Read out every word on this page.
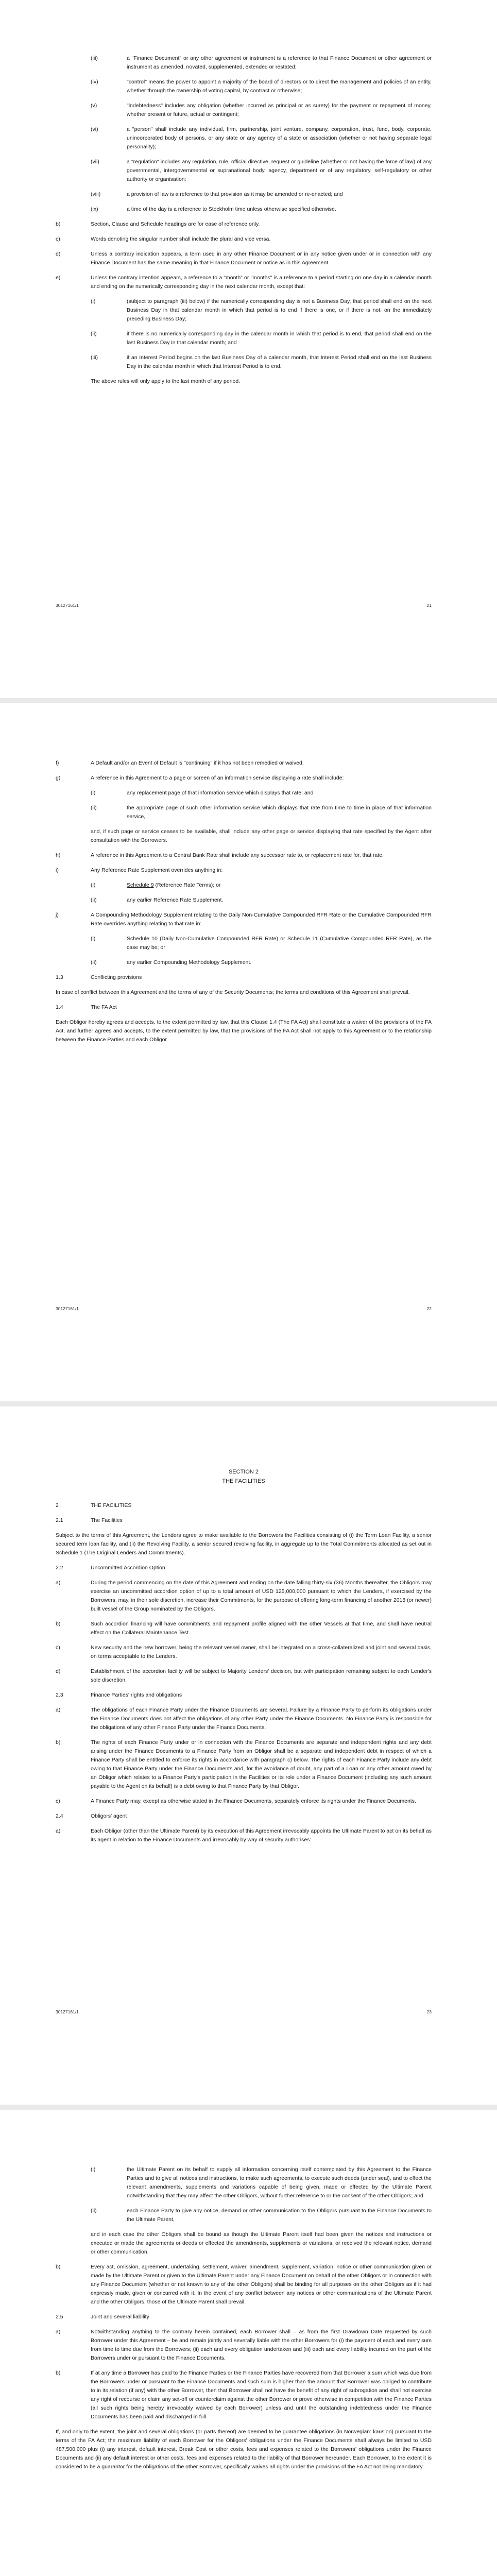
(iii)	a "Finance Document" or any other agreement or instrument is a reference to that Finance Document or other agreement or instrument as amended, novated, supplemented, extended or restated;
(iv)	"control" means the power to appoint a majority of the board of directors or to direct the management and policies of an entity, whether through the ownership of voting capital, by contract or otherwise;
(v)	"indebtedness" includes any obligation (whether incurred as principal or as surety) for the payment or repayment of money, whether present or future, actual or contingent;
(vi)	a "person" shall include any individual, firm, partnership, joint venture, company, corporation, trust, fund, body, corporate, unincorporated body of persons, or any state or any agency of a state or association (whether or not having separate legal personality);
(vii)	a "regulation" includes any regulation, rule, official directive, request or guideline (whether or not having the force of law) of any governmental, intergovernmental or supranational body, agency, department or of any regulatory, self-regulatory or other authority or organisation;
(viii)	a provision of law is a reference to that provision as it may be amended or re-enacted; and
(ix)	a time of the day is a reference to Stockholm time unless otherwise specified otherwise.
b)	Section, Clause and Schedule headings are for ease of reference only.
c)	Words denoting the singular number shall include the plural and vice versa.
d)	Unless a contrary indication appears, a term used in any other Finance Document or in any notice given under or in connection with any Finance Document has the same meaning in that Finance Document or notice as in this Agreement.
e)	Unless the contrary intention appears, a reference to a "month" or "months" is a reference to a period starting on one day in a calendar month and ending on the numerically corresponding day in the next calendar month, except that:
(i)	(subject to paragraph (iii) below) if the numerically corresponding day is not a Business Day, that period shall end on the next Business Day in that calendar month in which that period is to end if there is one, or if there is not, on the immediately preceding Business Day;
(ii)	if there is no numerically corresponding day in the calendar month in which that period is to end, that period shall end on the last Business Day in that calendar month; and
(iii)	if an Interest Period begins on the last Business Day of a calendar month, that Interest Period shall end on the last Business Day in the calendar month in which that Interest Period is to end.
The above rules will only apply to the last month of any period.
30127161/1	21
f)	A Default and/or an Event of Default is "continuing" if it has not been remedied or waived.
g)	A reference in this Agreement to a page or screen of an information service displaying a rate shall include:
(i)	any replacement page of that information service which displays that rate; and
(ii)	the appropriate page of such other information service which displays that rate from time to time in place of that information service,
and, if such page or service ceases to be available, shall include any other page or service displaying that rate specified by the Agent after consultation with the Borrowers.
h)	A reference in this Agreement to a Central Bank Rate shall include any successor rate to, or replacement rate for, that rate.
i)	Any Reference Rate Supplement overrides anything in:
(i)	Schedule 9 (Reference Rate Terms); or
(ii)	any earlier Reference Rate Supplement.
j)	A Compounding Methodology Supplement relating to the Daily Non-Cumulative Compounded RFR Rate or the Cumulative Compounded RFR Rate overrides anything relating to that rate in:
(i)	Schedule 10 (Daily Non-Cumulative Compounded RFR Rate) or Schedule 11 (Cumulative Compounded RFR Rate), as the case may be; or
(ii)	any earlier Compounding Methodology Supplement.
1.3	Conflicting provisions
In case of conflict between this Agreement and the terms of any of the Security Documents; the terms and conditions of this Agreement shall prevail.
1.4	The FA Act
Each Obligor hereby agrees and accepts, to the extent permitted by law, that this Clause 1.4 (The FA Act) shall constitute a waiver of the provisions of the FA Act, and further agrees and accepts, to the extent permitted by law, that the provisions of the FA Act shall not apply to this Agreement or to the relationship between the Finance Parties and each Obligor.
30127161/1	22
SECTION 2
THE FACILITIES
2	THE FACILITIES
2.1	The Facilities
Subject to the terms of this Agreement, the Lenders agree to make available to the Borrowers the Facilities consisting of (i) the Term Loan Facility, a senior secured term loan facility, and (ii) the Revolving Facility, a senior secured revolving facility, in aggregate up to the Total Commitments allocated as set out in Schedule 1 (The Original Lenders and Commitments).
2.2	Uncommitted Accordion Option
a)	During the period commencing on the date of this Agreement and ending on the date falling thirty-six (36) Months thereafter, the Obligors may exercise an uncommitted accordion option of up to a total amount of USD 125,000,000 pursuant to which the Lenders, if exercised by the Borrowers, may, in their sole discretion, increase their Commitments, for the purpose of offering long-term financing of another 2018 (or newer) built vessel of the Group nominated by the Obligors.
b)	Such accordion financing will have commitments and repayment profile aligned with the other Vessels at that time, and shall have neutral effect on the Collateral Maintenance Test.
c)	New security and the new borrower, being the relevant vessel owner, shall be integrated on a cross-collateralized and joint and several basis, on terms acceptable to the Lenders.
d)	Establishment of the accordion facility will be subject to Majority Lenders' decision, but with participation remaining subject to each Lender's sole discretion.
2.3	Finance Parties' rights and obligations
a)	The obligations of each Finance Party under the Finance Documents are several. Failure by a Finance Party to perform its obligations under the Finance Documents does not affect the obligations of any other Party under the Finance Documents. No Finance Party is responsible for the obligations of any other Finance Party under the Finance Documents.
b)	The rights of each Finance Party under or in connection with the Finance Documents are separate and independent rights and any debt arising under the Finance Documents to a Finance Party from an Obligor shall be a separate and independent debt in respect of which a Finance Party shall be entitled to enforce its rights in accordance with paragraph c) below. The rights of each Finance Party include any debt owing to that Finance Party under the Finance Documents and, for the avoidance of doubt, any part of a Loan or any other amount owed by an Obligor which relates to a Finance Party's participation in the Facilities or its role under a Finance Document (including any such amount payable to the Agent on its behalf) is a debt owing to that Finance Party by that Obligor.
c)	A Finance Party may, except as otherwise stated in the Finance Documents, separately enforce its rights under the Finance Documents.
2.4	Obligors' agent
a)	Each Obligor (other than the Ultimate Parent) by its execution of this Agreement irrevocably appoints the Ultimate Parent to act on its behalf as its agent in relation to the Finance Documents and irrevocably by way of security authorises:
30127161/1	23
(i)	the Ultimate Parent on its behalf to supply all information concerning itself contemplated by this Agreement to the Finance Parties and to give all notices and instructions, to make such agreements, to execute such deeds (under seal), and to effect the relevant amendments, supplements and variations capable of being given, made or effected by the Ultimate Parent notwithstanding that they may affect the other Obligors, without further reference to or the consent of the other Obligors; and
(ii)	each Finance Party to give any notice, demand or other communication to the Obligors pursuant to the Finance Documents to the Ultimate Parent,
and in each case the other Obligors shall be bound as though the Ultimate Parent itself had been given the notices and instructions or executed or made the agreements or deeds or effected the amendments, supplements or variations, or received the relevant notice, demand or other communication.
b)	Every act, omission, agreement, undertaking, settlement, waiver, amendment, supplement, variation, notice or other communication given or made by the Ultimate Parent or given to the Ultimate Parent under any Finance Document on behalf of the other Obligors or in connection with any Finance Document (whether or not known to any of the other Obligors) shall be binding for all purposes on the other Obligors as if it had expressly made, given or concurred with it. In the event of any conflict between any notices or other communications of the Ultimate Parent and the other Obligors, those of the Ultimate Parent shall prevail.
2.5	Joint and several liability
a)	Notwithstanding anything to the contrary herein contained, each Borrower shall – as from the first Drawdown Date requested by such Borrower under this Agreement – be and remain jointly and severally liable with the other Borrowers for (i) the payment of each and every sum from time to time due from the Borrowers; (ii) each and every obligation undertaken and (iii) each and every liability incurred on the part of the Borrowers under or pursuant to the Finance Documents.
b)	If at any time a Borrower has paid to the Finance Parties or the Finance Parties have recovered from that Borrower a sum which was due from the Borrowers under or pursuant to the Finance Documents and such sum is higher than the amount that Borrower was obliged to contribute to in its relation (if any) with the other Borrower, then that Borrower shall not have the benefit of any right of subrogation and shall not exercise any right of recourse or claim any set-off or counterclaim against the other Borrower or prove otherwise in competition with the Finance Parties (all such rights being hereby irrevocably waived by each Borrower) unless and until the outstanding indebtedness under the Finance Documents has been paid and discharged in full.
If, and only to the extent, the joint and several obligations (or parts thereof) are deemed to be guarantee obligations (in Norwegian: kausjon) pursuant to the terms of the FA Act; the maximum liability of each Borrower for the Obligors' obligations under the Finance Documents shall always be limited to USD 487,500,000 plus (i) any interest, default interest, Break Cost or other costs, fees and expenses related to the Borrowers' obligations under the Finance Documents and (ii) any default interest or other costs, fees and expenses related to the liability of that Borrower hereunder. Each Borrower, to the extent it is considered to be a guarantor for the obligations of the other Borrower, specifically waives all rights under the provisions of the FA Act not being mandatory
